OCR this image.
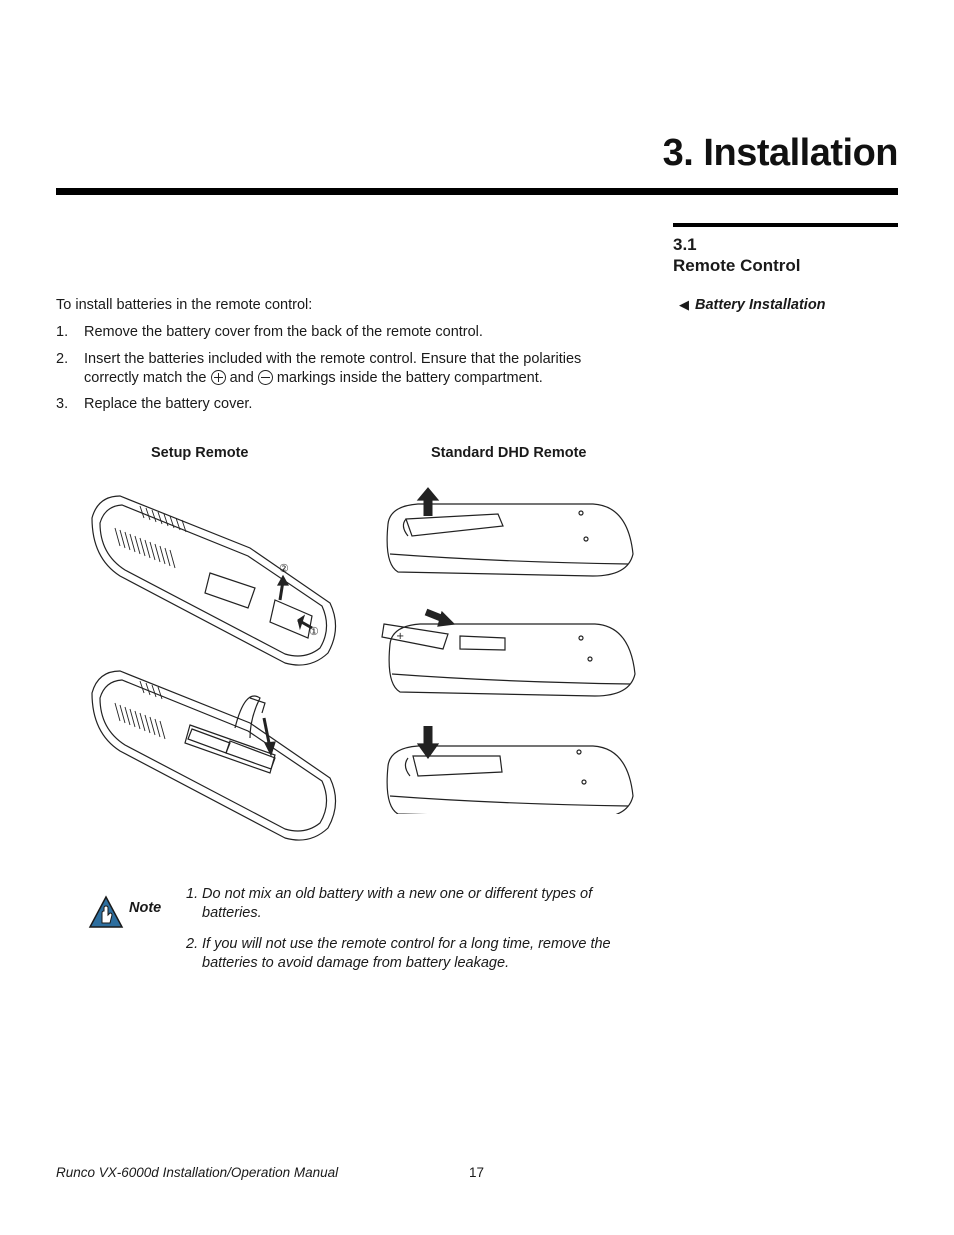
3. Installation
3.1
Remote Control
◀ Battery Installation
To install batteries in the remote control:
1. Remove the battery cover from the back of the remote control.
2. Insert the batteries included with the remote control. Ensure that the polarities correctly match the and markings inside the battery compartment.
3. Replace the battery cover.
Setup Remote	Standard DHD Remote
②
①	+
Note
1. Do not mix an old battery with a new one or different types of batteries.
2. If you will not use the remote control for a long time, remove the batteries to avoid damage from battery leakage.
Runco VX-6000d Installation/Operation Manual	17
